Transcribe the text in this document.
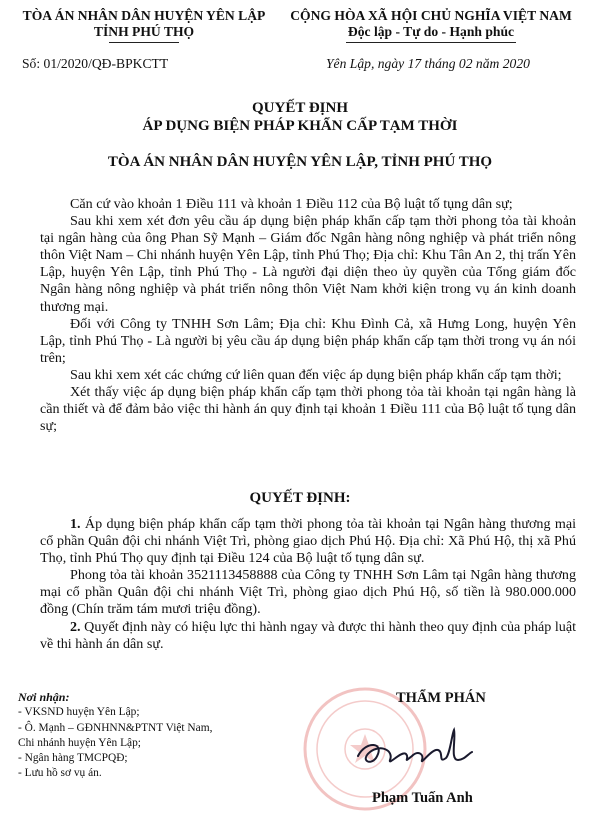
TÒA ÁN NHÂN DÂN HUYỆN YÊN LẬP
TỈNH PHÚ THỌ
CỘNG HÒA XÃ HỘI CHỦ NGHĨA VIỆT NAM
Độc lập - Tự do - Hạnh phúc
Số: 01/2020/QĐ-BPKCTT	Yên Lập, ngày 17 tháng 02 năm 2020
QUYẾT ĐỊNH
ÁP DỤNG BIỆN PHÁP KHẨN CẤP TẠM THỜI
TÒA ÁN NHÂN DÂN HUYỆN YÊN LẬP, TỈNH PHÚ THỌ

Căn cứ vào khoản 1 Điều 111 và khoản 1 Điều 112 của Bộ luật tố tụng dân sự;

Sau khi xem xét đơn yêu cầu áp dụng biện pháp khẩn cấp tạm thời phong tỏa tài khoản tại ngân hàng của ông Phan Sỹ Mạnh – Giám đốc Ngân hàng nông nghiệp và phát triển nông thôn Việt Nam – Chi nhánh huyện Yên Lập, tỉnh Phú Thọ; Địa chỉ: Khu Tân An 2, thị trấn Yên Lập, huyện Yên Lập, tỉnh Phú Thọ - Là người đại diện theo ủy quyền của Tổng giám đốc Ngân hàng nông nghiệp và phát triển nông thôn Việt Nam khởi kiện trong vụ án kinh doanh thương mại.

Đối với Công ty TNHH Sơn Lâm; Địa chỉ: Khu Đình Cả, xã Hưng Long, huyện Yên Lập, tỉnh Phú Thọ - Là người bị yêu cầu áp dụng biện pháp khẩn cấp tạm thời trong vụ án nói trên;

Sau khi xem xét các chứng cứ liên quan đến việc áp dụng biện pháp khẩn cấp tạm thời;

Xét thấy việc áp dụng biện pháp khẩn cấp tạm thời phong tỏa tài khoản tại ngân hàng là cần thiết và để đảm bảo việc thi hành án quy định tại khoản 1 Điều 111 của Bộ luật tố tụng dân sự;

QUYẾT ĐỊNH:

1. Áp dụng biện pháp khẩn cấp tạm thời phong tỏa tài khoản tại Ngân hàng thương mại cổ phần Quân đội chi nhánh Việt Trì, phòng giao dịch Phú Hộ. Địa chỉ: Xã Phú Hộ, thị xã Phú Thọ, tỉnh Phú Thọ quy định tại Điều 124 của Bộ luật tố tụng dân sự.

Phong tỏa tài khoản 3521113458888 của Công ty TNHH Sơn Lâm tại Ngân hàng thương mại cổ phần Quân đội chi nhánh Việt Trì, phòng giao dịch Phú Hộ, số tiền là 980.000.000 đồng (Chín trăm tám mươi triệu đồng).

2. Quyết định này có hiệu lực thi hành ngay và được thi hành theo quy định của pháp luật về thi hành án dân sự.

Nơi nhận:
- VKSND huyện Yên Lập;
- Ô. Mạnh – GĐNHNN&PTNT Việt Nam,
Chi nhánh huyện Yên Lập;
- Ngân hàng TMCPQĐ;
- Lưu hồ sơ vụ án.
THẨM PHÁN
Phạm Tuấn Anh
